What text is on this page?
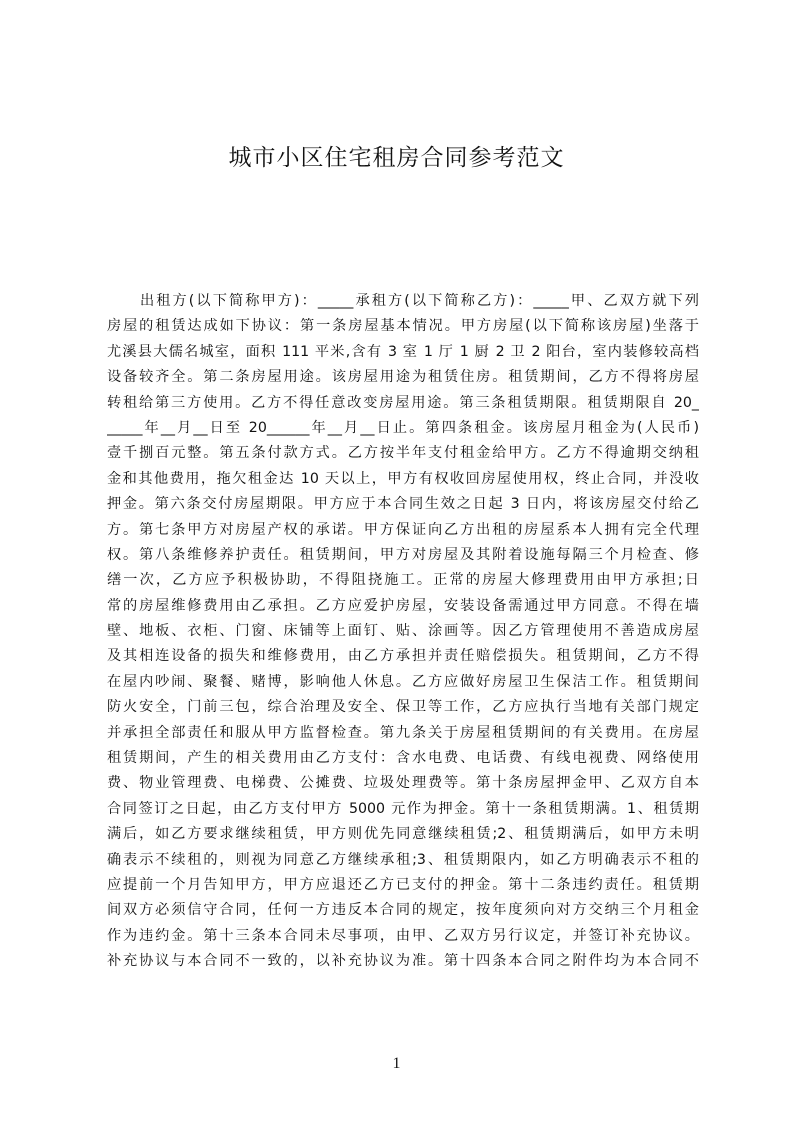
城市小区住宅租房合同参考范文
出租方(以下简称甲方)：_____承租方(以下简称乙方)：_____甲、乙双方就下列
房屋的租赁达成如下协议：第一条房屋基本情况。甲方房屋(以下简称该房屋)坐落于
尤溪县大儒名城室，面积 111 平米,含有 3 室 1 厅 1 厨 2 卫 2 阳台，室内装修较高档
设备较齐全。第二条房屋用途。该房屋用途为租赁住房。租赁期间，乙方不得将房屋
转租给第三方使用。乙方不得任意改变房屋用途。第三条租赁期限。租赁期限自 20_
_____年__月__日至 20______年__月__日止。第四条租金。该房屋月租金为(人民币)
壹千捌百元整。第五条付款方式。乙方按半年支付租金给甲方。乙方不得逾期交纳租
金和其他费用，拖欠租金达 10 天以上，甲方有权收回房屋使用权，终止合同，并没收
押金。第六条交付房屋期限。甲方应于本合同生效之日起 3 日内，将该房屋交付给乙
方。第七条甲方对房屋产权的承诺。甲方保证向乙方出租的房屋系本人拥有完全代理
权。第八条维修养护责任。租赁期间，甲方对房屋及其附着设施每隔三个月检查、修
缮一次，乙方应予积极协助，不得阻挠施工。正常的房屋大修理费用由甲方承担;日
常的房屋维修费用由乙承担。乙方应爱护房屋，安装设备需通过甲方同意。不得在墙
壁、地板、衣柜、门窗、床铺等上面钉、贴、涂画等。因乙方管理使用不善造成房屋
及其相连设备的损失和维修费用，由乙方承担并责任赔偿损失。租赁期间，乙方不得
在屋内吵闹、聚餐、赌博，影响他人休息。乙方应做好房屋卫生保洁工作。租赁期间
防火安全，门前三包，综合治理及安全、保卫等工作，乙方应执行当地有关部门规定
并承担全部责任和服从甲方监督检查。第九条关于房屋租赁期间的有关费用。在房屋
租赁期间，产生的相关费用由乙方支付：含水电费、电话费、有线电视费、网络使用
费、物业管理费、电梯费、公摊费、垃圾处理费等。第十条房屋押金甲、乙双方自本
合同签订之日起，由乙方支付甲方 5000 元作为押金。第十一条租赁期满。1、租赁期
满后，如乙方要求继续租赁，甲方则优先同意继续租赁;2、租赁期满后，如甲方未明
确表示不续租的，则视为同意乙方继续承租;3、租赁期限内，如乙方明确表示不租的
应提前一个月告知甲方，甲方应退还乙方已支付的押金。第十二条违约责任。租赁期
间双方必须信守合同，任何一方违反本合同的规定，按年度须向对方交纳三个月租金
作为违约金。第十三条本合同未尽事项，由甲、乙双方另行议定，并签订补充协议。
补充协议与本合同不一致的，以补充协议为准。第十四条本合同之附件均为本合同不
1
